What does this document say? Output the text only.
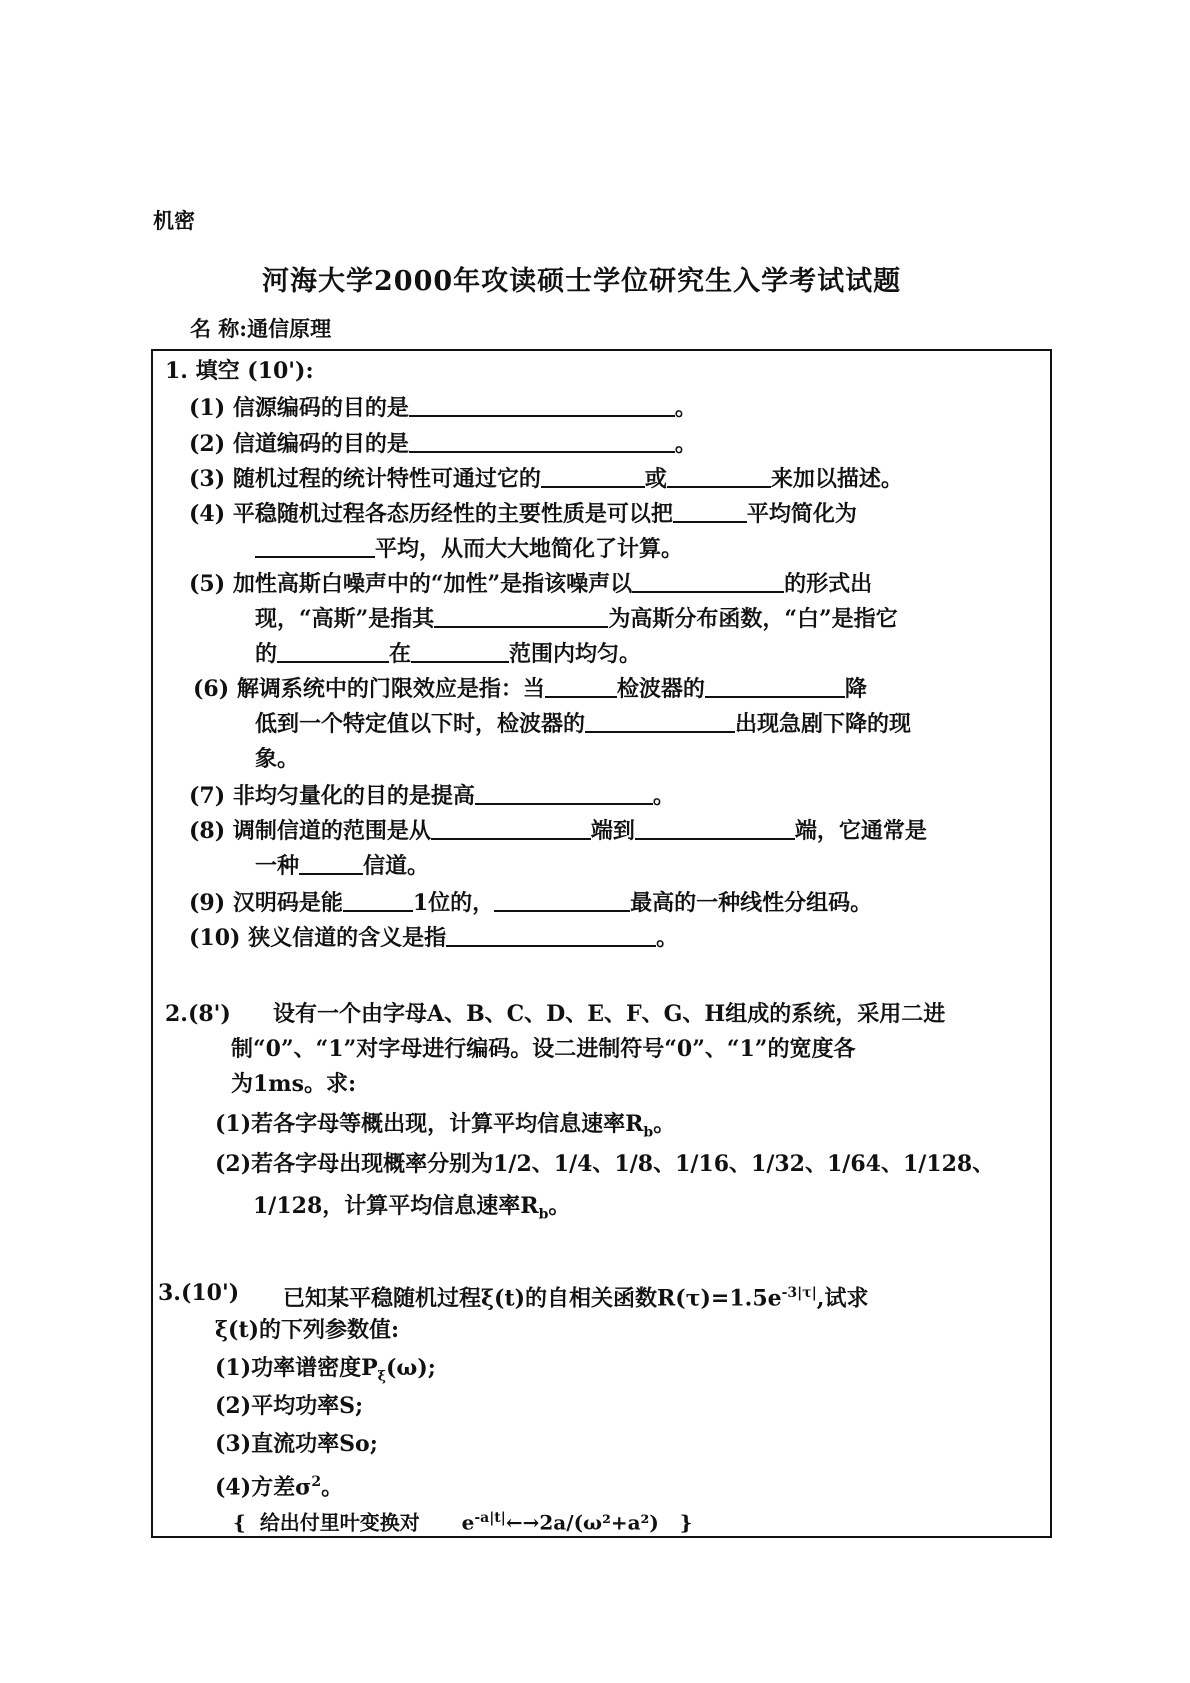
机密
河海大学2000年攻读硕士学位研究生入学考试试题
名 称:通信原理
1. 填空 (10'):
(1) 信源编码的目的是	。
(2) 信道编码的目的是	。
(3) 随机过程的统计特性可通过它的	或	来加以描述。
(4) 平稳随机过程各态历经性的主要性质是可以把	平均简化为
平均，从而大大地简化了计算。
(5) 加性高斯白噪声中的“加性”是指该噪声以	的形式出
现，“高斯”是指其	为高斯分布函数，“白”是指它
的	在	范围内均匀。
(6) 解调系统中的门限效应是指：当	检波器的	降
低到一个特定值以下时，检波器的	出现急剧下降的现
象。
(7) 非均匀量化的目的是提高	。
(8) 调制信道的范围是从	端到	端，它通常是
一种	信道。
(9) 汉明码是能	1位的，	最高的一种线性分组码。
(10) 狭义信道的含义是指	。
2.(8') 设有一个由字母A、B、C、D、E、F、G、H组成的系统，采用二进
制“0”、“1”对字母进行编码。设二进制符号“0”、“1”的宽度各
为1ms。求:
(1)若各字母等概出现，计算平均信息速率$R_b$。
(2)若各字母出现概率分别为1/2、1/4、1/8、1/16、1/32、1/64、1/128、
1/128，计算平均信息速率$R_b$。
3.(10') 已知某平稳随机过程ξ(t)的自相关函数$R(\tau)=1.5e^{-3|\tau|}$,试求
ξ(t)的下列参数值:
(1)功率谱密度$P_\xi(\omega)$;
(2)平均功率S;
(3)直流功率So;
(4)方差$\sigma^2$。
{ 给出付里叶变换对 $e^{-a|t|}\leftarrow\to 2a/(\omega^2+a^2)$ }
